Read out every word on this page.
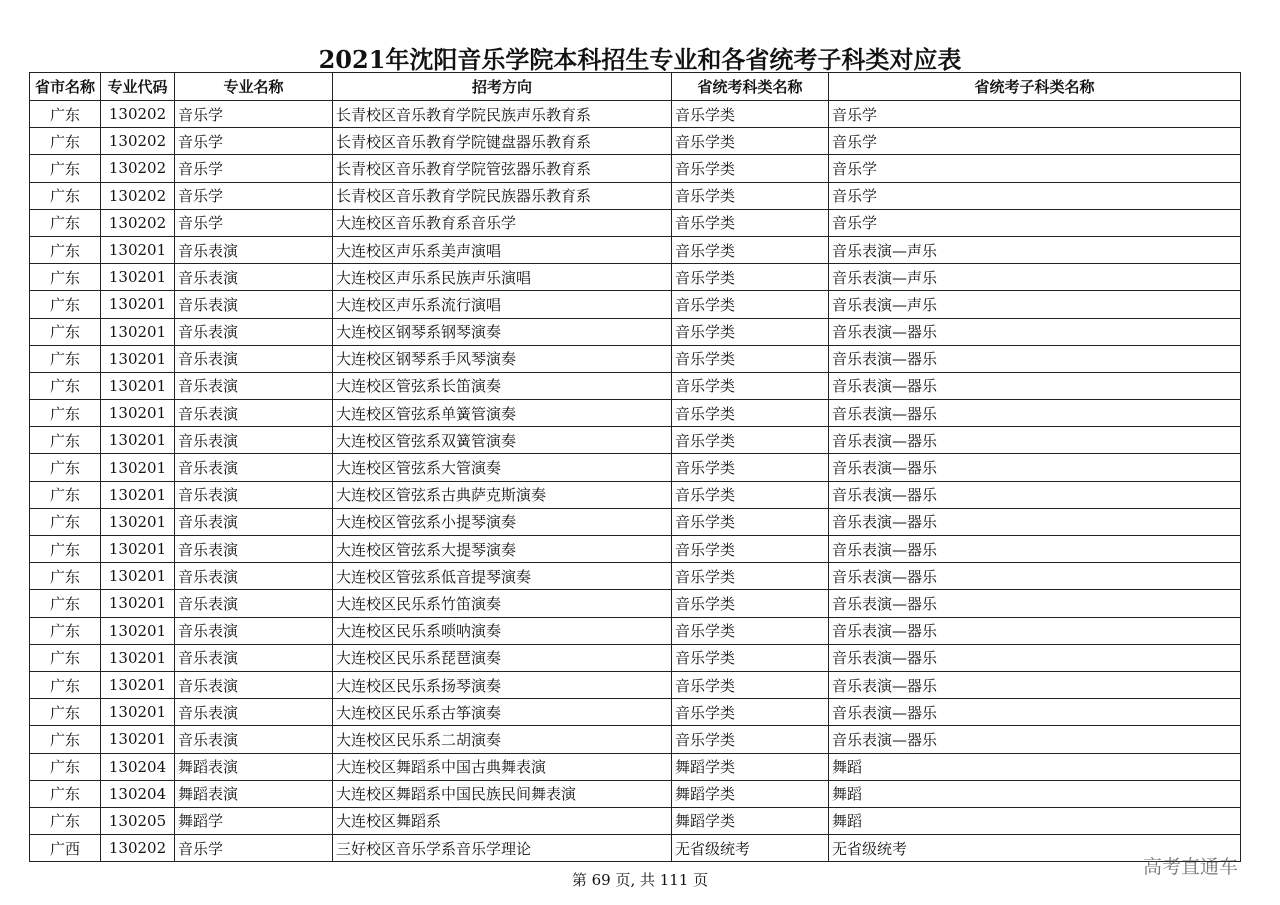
2021年沈阳音乐学院本科招生专业和各省统考子科类对应表
省市名称	专业代码	专业名称	招考方向	省统考科类名称	省统考子科类名称
广东	130202	音乐学	长青校区音乐教育学院民族声乐教育系	音乐学类	音乐学
广东	130202	音乐学	长青校区音乐教育学院键盘器乐教育系	音乐学类	音乐学
广东	130202	音乐学	长青校区音乐教育学院管弦器乐教育系	音乐学类	音乐学
广东	130202	音乐学	长青校区音乐教育学院民族器乐教育系	音乐学类	音乐学
广东	130202	音乐学	大连校区音乐教育系音乐学	音乐学类	音乐学
广东	130201	音乐表演	大连校区声乐系美声演唱	音乐学类	音乐表演—声乐
广东	130201	音乐表演	大连校区声乐系民族声乐演唱	音乐学类	音乐表演—声乐
广东	130201	音乐表演	大连校区声乐系流行演唱	音乐学类	音乐表演—声乐
广东	130201	音乐表演	大连校区钢琴系钢琴演奏	音乐学类	音乐表演—器乐
广东	130201	音乐表演	大连校区钢琴系手风琴演奏	音乐学类	音乐表演—器乐
广东	130201	音乐表演	大连校区管弦系长笛演奏	音乐学类	音乐表演—器乐
广东	130201	音乐表演	大连校区管弦系单簧管演奏	音乐学类	音乐表演—器乐
广东	130201	音乐表演	大连校区管弦系双簧管演奏	音乐学类	音乐表演—器乐
广东	130201	音乐表演	大连校区管弦系大管演奏	音乐学类	音乐表演—器乐
广东	130201	音乐表演	大连校区管弦系古典萨克斯演奏	音乐学类	音乐表演—器乐
广东	130201	音乐表演	大连校区管弦系小提琴演奏	音乐学类	音乐表演—器乐
广东	130201	音乐表演	大连校区管弦系大提琴演奏	音乐学类	音乐表演—器乐
广东	130201	音乐表演	大连校区管弦系低音提琴演奏	音乐学类	音乐表演—器乐
广东	130201	音乐表演	大连校区民乐系竹笛演奏	音乐学类	音乐表演—器乐
广东	130201	音乐表演	大连校区民乐系唢呐演奏	音乐学类	音乐表演—器乐
广东	130201	音乐表演	大连校区民乐系琵琶演奏	音乐学类	音乐表演—器乐
广东	130201	音乐表演	大连校区民乐系扬琴演奏	音乐学类	音乐表演—器乐
广东	130201	音乐表演	大连校区民乐系古筝演奏	音乐学类	音乐表演—器乐
广东	130201	音乐表演	大连校区民乐系二胡演奏	音乐学类	音乐表演—器乐
广东	130204	舞蹈表演	大连校区舞蹈系中国古典舞表演	舞蹈学类	舞蹈
广东	130204	舞蹈表演	大连校区舞蹈系中国民族民间舞表演	舞蹈学类	舞蹈
广东	130205	舞蹈学	大连校区舞蹈系	舞蹈学类	舞蹈
广西	130202	音乐学	三好校区音乐学系音乐学理论	无省级统考	无省级统考
第 69 页, 共 111 页
高考直通车
